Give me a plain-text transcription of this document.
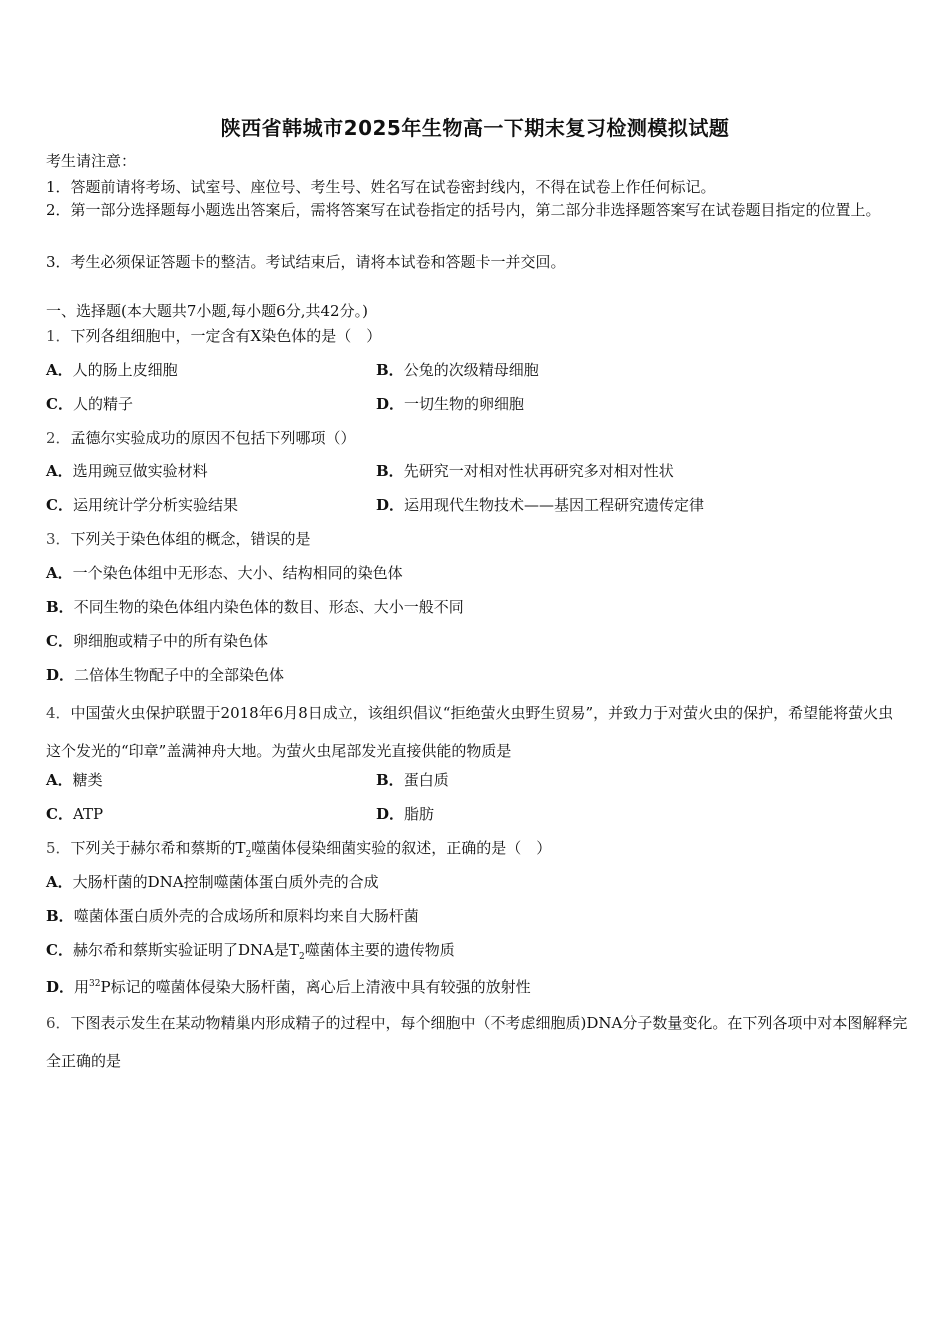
陕西省韩城市2025年生物高一下期末复习检测模拟试题
考生请注意：
1．答题前请将考场、试室号、座位号、考生号、姓名写在试卷密封线内，不得在试卷上作任何标记。
2．第一部分选择题每小题选出答案后，需将答案写在试卷指定的括号内，第二部分非选择题答案写在试卷题目指定的位置上。
3．考生必须保证答题卡的整洁。考试结束后，请将本试卷和答题卡一并交回。
一、选择题(本大题共7小题,每小题6分,共42分。)
1．下列各组细胞中，一定含有X染色体的是（　）
A．人的肠上皮细胞	B．公兔的次级精母细胞
C．人的精子	D．一切生物的卵细胞
2．孟德尔实验成功的原因不包括下列哪项（）
A．选用豌豆做实验材料	B．先研究一对相对性状再研究多对相对性状
C．运用统计学分析实验结果	D．运用现代生物技术——基因工程研究遗传定律
3．下列关于染色体组的概念，错误的是
A．一个染色体组中无形态、大小、结构相同的染色体
B．不同生物的染色体组内染色体的数目、形态、大小一般不同
C．卵细胞或精子中的所有染色体
D．二倍体生物配子中的全部染色体
4．中国萤火虫保护联盟于2018年6月8日成立，该组织倡议“拒绝萤火虫野生贸易”，并致力于对萤火虫的保护，希望能将萤火虫这个发光的“印章”盖满神舟大地。为萤火虫尾部发光直接供能的物质是
A．糖类	B．蛋白质
C．ATP	D．脂肪
5．下列关于赫尔希和蔡斯的$T_2$噬菌体侵染细菌实验的叙述，正确的是（　）
A．大肠杆菌的DNA控制噬菌体蛋白质外壳的合成
B．噬菌体蛋白质外壳的合成场所和原料均来自大肠杆菌
C．赫尔希和蔡斯实验证明了DNA是$T_2$噬菌体主要的遗传物质
D．用$^{32}$P标记的噬菌体侵染大肠杆菌，离心后上清液中具有较强的放射性
6．下图表示发生在某动物精巢内形成精子的过程中，每个细胞中（不考虑细胞质)DNA分子数量变化。在下列各项中对本图解释完全正确的是
